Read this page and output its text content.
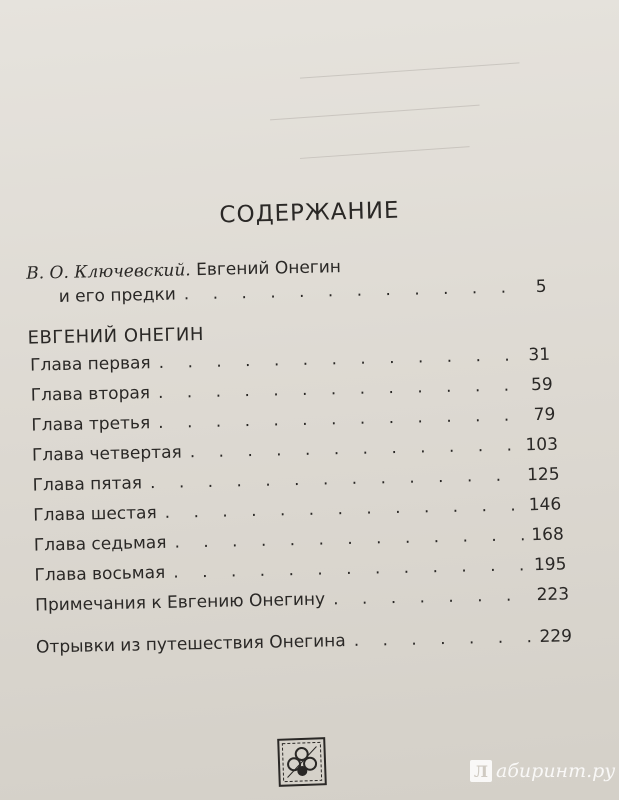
СОДЕРЖАНИЕ
В. О. Ключевский. Евгений Онегин
и его предки . . .	5
ЕВГЕНИЙ ОНЕГИН
Глава первая . . .	31
Глава вторая . . .	59
Глава третья . . .	79
Глава четвертая . . .	103
Глава пятая . . .	125
Глава шестая . . .	146
Глава седьмая . . .	168
Глава восьмая . . .	195
Примечания к Евгению Онегину . . .	223
Отрывки из путешествия Онегина . . .	229
Л абиринт.ру
